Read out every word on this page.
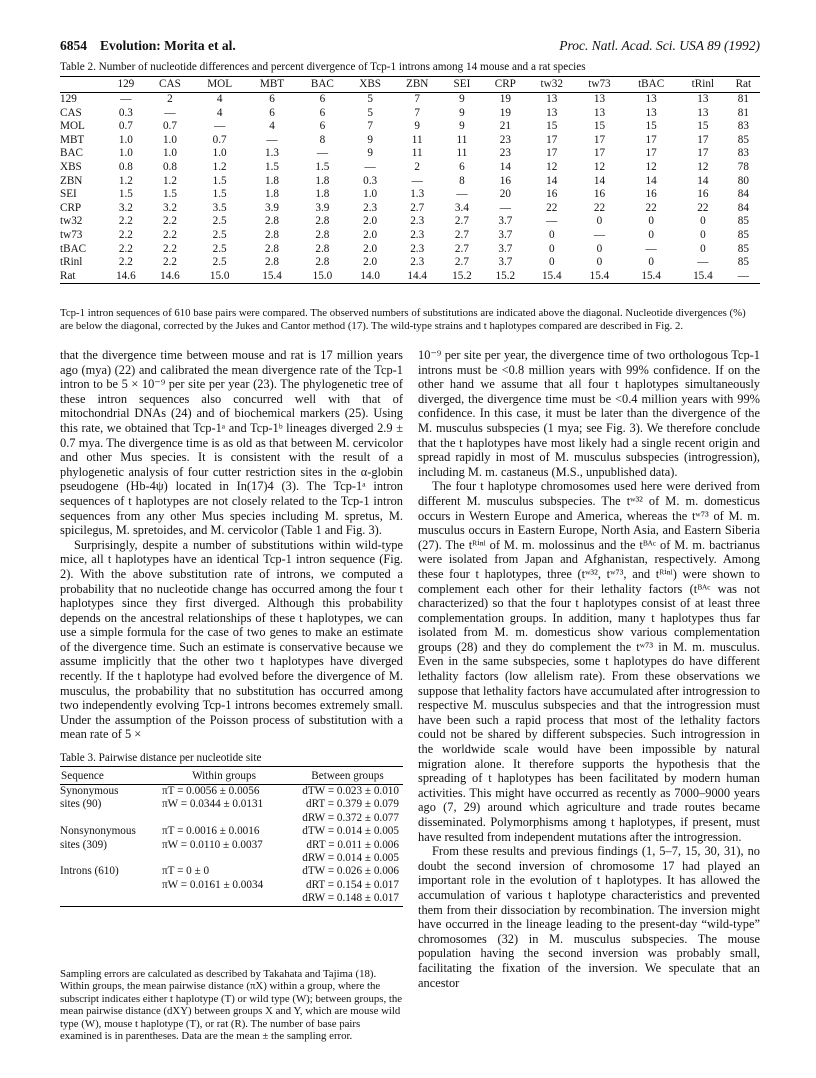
6854 Evolution: Morita et al.	Proc. Natl. Acad. Sci. USA 89 (1992)
Table 2. Number of nucleotide differences and percent divergence of Tcp-1 introns among 14 mouse and a rat species
	129	CAS	MOL	MBT	BAC	XBS	ZBN	SEI	CRP	tw32	tw73	tBAC	tRinl	Rat
129	—	2	4	6	6	5	7	9	19	13	13	13	13	81
CAS	0.3	—	4	6	6	5	7	9	19	13	13	13	13	81
MOL	0.7	0.7	—	4	6	7	9	9	21	15	15	15	15	83
MBT	1.0	1.0	0.7	—	8	9	11	11	23	17	17	17	17	85
BAC	1.0	1.0	1.0	1.3	—	9	11	11	23	17	17	17	17	83
XBS	0.8	0.8	1.2	1.5	1.5	—	2	6	14	12	12	12	12	78
ZBN	1.2	1.2	1.5	1.8	1.8	0.3	—	8	16	14	14	14	14	80
SEI	1.5	1.5	1.5	1.8	1.8	1.0	1.3	—	20	16	16	16	16	84
CRP	3.2	3.2	3.5	3.9	3.9	2.3	2.7	3.4	—	22	22	22	22	84
tw32	2.2	2.2	2.5	2.8	2.8	2.0	2.3	2.7	3.7	—	0	0	0	85
tw73	2.2	2.2	2.5	2.8	2.8	2.0	2.3	2.7	3.7	0	—	0	0	85
tBAC	2.2	2.2	2.5	2.8	2.8	2.0	2.3	2.7	3.7	0	0	—	0	85
tRinl	2.2	2.2	2.5	2.8	2.8	2.0	2.3	2.7	3.7	0	0	0	—	85
Rat	14.6	14.6	15.0	15.4	15.0	14.0	14.4	15.2	15.2	15.4	15.4	15.4	15.4	—
Tcp-1 intron sequences of 610 base pairs were compared. The observed numbers of substitutions are indicated above the diagonal. Nucleotide divergences (%) are below the diagonal, corrected by the Jukes and Cantor method (17). The wild-type strains and t haplotypes compared are described in Fig. 2.

that the divergence time between mouse and rat is 17 million years ago (mya) (22) and calibrated the mean divergence rate of the Tcp-1 intron to be 5 × 10⁻⁹ per site per year (23). The phylogenetic tree of these intron sequences also concurred well with that of mitochondrial DNAs (24) and of biochemical markers (25). Using this rate, we obtained that Tcp-1ᵃ and Tcp-1ᵇ lineages diverged 2.9 ± 0.7 mya. The divergence time is as old as that between M. cervicolor and other Mus species. It is consistent with the result of a phylogenetic analysis of four cutter restriction sites in the α-globin pseudogene (Hb-4ψ) located in In(17)4 (3). The Tcp-1ᵃ intron sequences of t haplotypes are not closely related to the Tcp-1 intron sequences from any other Mus species including M. spretus, M. spicilegus, M. spretoides, and M. cervicolor (Table 1 and Fig. 3).

Surprisingly, despite a number of substitutions within wild-type mice, all t haplotypes have an identical Tcp-1 intron sequence (Fig. 2). With the above substitution rate of introns, we computed a probability that no nucleotide change has occurred among the four t haplotypes since they first diverged. Although this probability depends on the ancestral relationships of these t haplotypes, we can use a simple formula for the case of two genes to make an estimate of the divergence time. Such an estimate is conservative because we assume implicitly that the other two t haplotypes have diverged recently. If the t haplotype had evolved before the divergence of M. musculus, the probability that no substitution has occurred among two independently evolving Tcp-1 introns becomes extremely small. Under the assumption of the Poisson process of substitution with a mean rate of 5 ×

Table 3. Pairwise distance per nucleotide site
Sequence	Within groups	Between groups
Synonymous	πT = 0.0056 ± 0.0056	dTW = 0.023 ± 0.010
sites (90)	πW = 0.0344 ± 0.0131	dRT = 0.379 ± 0.079
		dRW = 0.372 ± 0.077
Nonsynonymous	πT = 0.0016 ± 0.0016	dTW = 0.014 ± 0.005
sites (309)	πW = 0.0110 ± 0.0037	dRT = 0.011 ± 0.006
		dRW = 0.014 ± 0.005
Introns (610)	πT = 0 ± 0	dTW = 0.026 ± 0.006
	πW = 0.0161 ± 0.0034	dRT = 0.154 ± 0.017
		dRW = 0.148 ± 0.017
Sampling errors are calculated as described by Takahata and Tajima (18). Within groups, the mean pairwise distance (πX) within a group, where the subscript indicates either t haplotype (T) or wild type (W); between groups, the mean pairwise distance (dXY) between groups X and Y, which are mouse wild type (W), mouse t haplotype (T), or rat (R). The number of base pairs examined is in parentheses. Data are the mean ± the sampling error.

10⁻⁹ per site per year, the divergence time of two orthologous Tcp-1 introns must be <0.8 million years with 99% confidence. If on the other hand we assume that all four t haplotypes simultaneously diverged, the divergence time must be <0.4 million years with 99% confidence. In this case, it must be later than the divergence of the M. musculus subspecies (1 mya; see Fig. 3). We therefore conclude that the t haplotypes have most likely had a single recent origin and spread rapidly in most of M. musculus subspecies (introgression), including M. m. castaneus (M.S., unpublished data).

The four t haplotype chromosomes used here were derived from different M. musculus subspecies. The tʷ³² of M. m. domesticus occurs in Western Europe and America, whereas the tʷ⁷³ of M. m. musculus occurs in Eastern Europe, North Asia, and Eastern Siberia (27). The tᴿⁱⁿˡ of M. m. molossinus and the tᴮᴬᶜ of M. m. bactrianus were isolated from Japan and Afghanistan, respectively. Among these four t haplotypes, three (tʷ³², tʷ⁷³, and tᴿⁱⁿˡ) were shown to complement each other for their lethality factors (tᴮᴬᶜ was not characterized) so that the four t haplotypes consist of at least three complementation groups. In addition, many t haplotypes thus far isolated from M. m. domesticus show various complementation groups (28) and they do complement the tʷ⁷³ in M. m. musculus. Even in the same subspecies, some t haplotypes do have different lethality factors (low allelism rate). From these observations we suppose that lethality factors have accumulated after introgression to respective M. musculus subspecies and that the introgression must have been such a rapid process that most of the lethality factors could not be shared by different subspecies. Such introgression in the worldwide scale would have been impossible by natural migration alone. It therefore supports the hypothesis that the spreading of t haplotypes has been facilitated by modern human activities. This might have occurred as recently as 7000–9000 years ago (7, 29) around which agriculture and trade routes became disseminated. Polymorphisms among t haplotypes, if present, must have resulted from independent mutations after the introgression.

From these results and previous findings (1, 5–7, 15, 30, 31), no doubt the second inversion of chromosome 17 had played an important role in the evolution of t haplotypes. It has allowed the accumulation of various t haplotype characteristics and prevented them from their dissociation by recombination. The inversion might have occurred in the lineage leading to the present-day “wild-type” chromosomes (32) in M. musculus subspecies. The mouse population having the second inversion was probably small, facilitating the fixation of the inversion. We speculate that an ancestor
